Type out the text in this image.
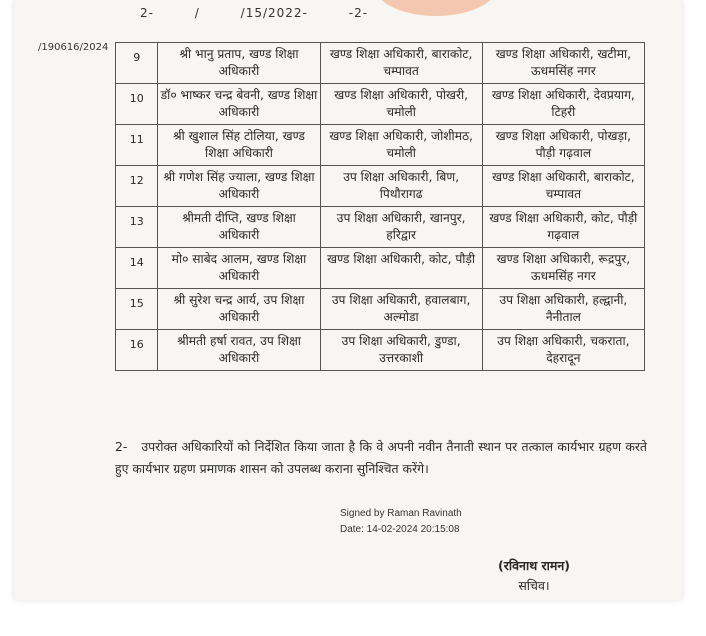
2-	/	/15/2022-	-2-
/190616/2024
9	श्री भानु प्रताप, खण्ड शिक्षा अधिकारी	खण्ड शिक्षा अधिकारी, बाराकोट, चम्पावत	खण्ड शिक्षा अधिकारी, खटीमा, ऊधमसिंह नगर
10	डॉ० भाष्कर चन्द्र बेवनी, खण्ड शिक्षा अधिकारी	खण्ड शिक्षा अधिकारी, पोखरी, चमोली	खण्ड शिक्षा अधिकारी, देवप्रयाग, टिहरी
11	श्री खुशाल सिंह टोलिया, खण्ड शिक्षा अधिकारी	खण्ड शिक्षा अधिकारी, जोशीमठ, चमोली	खण्ड शिक्षा अधिकारी, पोखड़ा, पौड़ी गढ़वाल
12	श्री गणेश सिंह ज्याला, खण्ड शिक्षा अधिकारी	उप शिक्षा अधिकारी, बिण, पिथौरागढ	खण्ड शिक्षा अधिकारी, बाराकोट, चम्पावत
13	श्रीमती दीप्ति, खण्ड शिक्षा अधिकारी	उप शिक्षा अधिकारी, खानपुर, हरिद्वार	खण्ड शिक्षा अधिकारी, कोट, पौड़ी गढ़वाल
14	मो० साबेद आलम, खण्ड शिक्षा अधिकारी	खण्ड शिक्षा अधिकारी, कोट, पौड़ी	खण्ड शिक्षा अधिकारी, रूद्रपुर, ऊधमसिंह नगर
15	श्री सुरेश चन्द्र आर्य, उप शिक्षा अधिकारी	उप शिक्षा अधिकारी, हवालबाग, अल्मोडा	उप शिक्षा अधिकारी, हल्द्वानी, नैनीताल
16	श्रीमती हर्षा रावत, उप शिक्षा अधिकारी	उप शिक्षा अधिकारी, डुण्डा, उत्तरकाशी	उप शिक्षा अधिकारी, चकराता, देहरादून
2- उपरोक्त अधिकारियों को निर्देशित किया जाता है कि वे अपनी नवीन तैनाती स्थान पर तत्काल कार्यभार ग्रहण करते हुए कार्यभार ग्रहण प्रमाणक शासन को उपलब्ध कराना सुनिश्चित करेंगे।
Signed by Raman Ravinath
Date: 14-02-2024 20:15:08
(रविनाथ रामन)
सचिव।
